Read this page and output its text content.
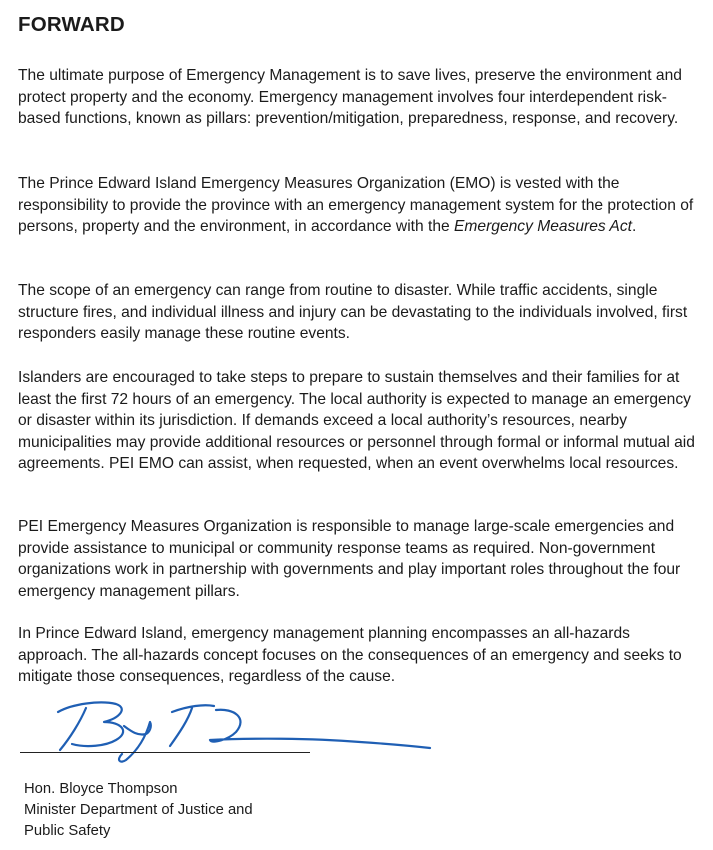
FORWARD

The ultimate purpose of Emergency Management is to save lives, preserve the environment and protect property and the economy. Emergency management involves four interdependent risk-based functions, known as pillars: prevention/mitigation, preparedness, response, and recovery.

The Prince Edward Island Emergency Measures Organization (EMO) is vested with the responsibility to provide the province with an emergency management system for the protection of persons, property and the environment, in accordance with the Emergency Measures Act.

The scope of an emergency can range from routine to disaster. While traffic accidents, single structure fires, and individual illness and injury can be devastating to the individuals involved, first responders easily manage these routine events.

Islanders are encouraged to take steps to prepare to sustain themselves and their families for at least the first 72 hours of an emergency. The local authority is expected to manage an emergency or disaster within its jurisdiction. If demands exceed a local authority’s resources, nearby municipalities may provide additional resources or personnel through formal or informal mutual aid agreements. PEI EMO can assist, when requested, when an event overwhelms local resources.

PEI Emergency Measures Organization is responsible to manage large-scale emergencies and provide assistance to municipal or community response teams as required. Non-government organizations work in partnership with governments and play important roles throughout the four emergency management pillars.

In Prince Edward Island, emergency management planning encompasses an all-hazards approach. The all-hazards concept focuses on the consequences of an emergency and seeks to mitigate those consequences, regardless of the cause.

Hon. Bloyce Thompson

Minister Department of Justice and

Public Safety
